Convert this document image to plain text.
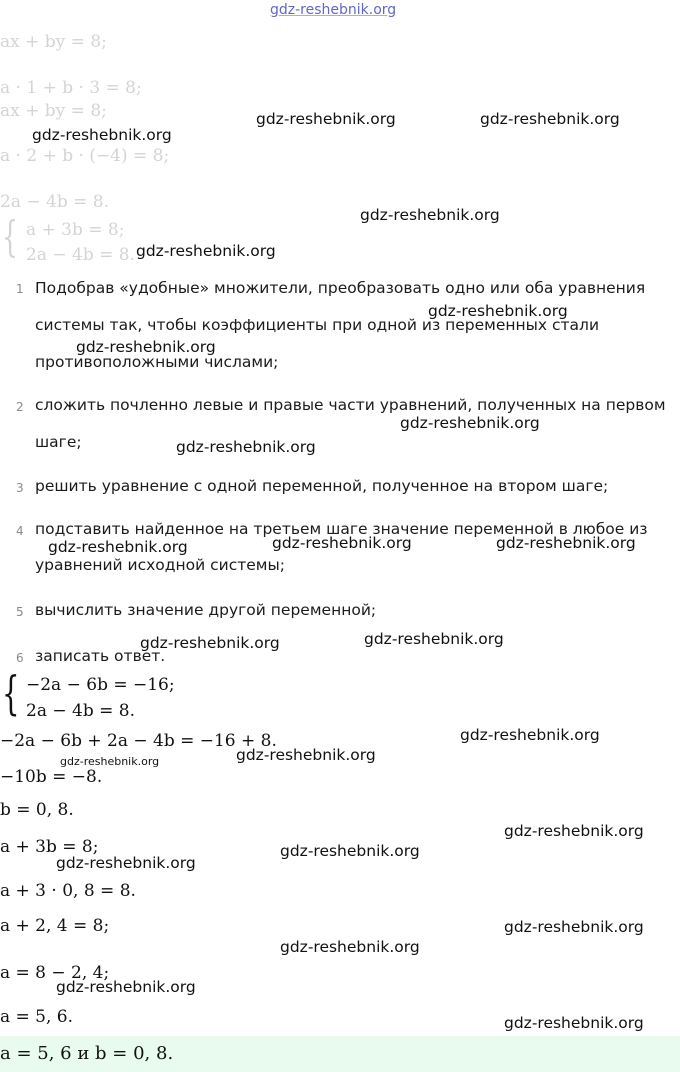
gdz-reshebnik.org
ax + by = 8;
a · 1 + b · 3 = 8;
ax + by = 8;
a · 2 + b · (−4) = 8;
2a − 4b = 8.
{ a + 3b = 8;
2a − 4b = 8.
1 Подобрав «удобные» множители, преобразовать одно или оба уравнения системы так, чтобы коэффициенты при одной из переменных стали противоположными числами;
2 сложить почленно левые и правые части уравнений, полученных на первом шаге;
3 решить уравнение с одной переменной, полученное на втором шаге;
4 подставить найденное на третьем шаге значение переменной в любое из уравнений исходной системы;
5 вычислить значение другой переменной;
6 записать ответ.
{ −2a − 6b = −16;
2a − 4b = 8.
−2a − 6b + 2a − 4b = −16 + 8.
−10b = −8.
b = 0, 8.
a + 3b = 8;
a + 3 · 0, 8 = 8.
a + 2, 4 = 8;
a = 8 − 2, 4;
a = 5, 6.
a = 5, 6 и b = 0, 8.
gdz-reshebnik.org	gdz-reshebnik.org
gdz-reshebnik.org
gdz-reshebnik.org
gdz-reshebnik.org
gdz-reshebnik.org
gdz-reshebnik.org
gdz-reshebnik.org
gdz-reshebnik.org
gdz-reshebnik.org	gdz-reshebnik.org	gdz-reshebnik.org
gdz-reshebnik.org	gdz-reshebnik.org
gdz-reshebnik.org
gdz-reshebnik.org	gdz-reshebnik.org
gdz-reshebnik.org
gdz-reshebnik.org
gdz-reshebnik.org
gdz-reshebnik.org
gdz-reshebnik.org
gdz-reshebnik.org
gdz-reshebnik.org
